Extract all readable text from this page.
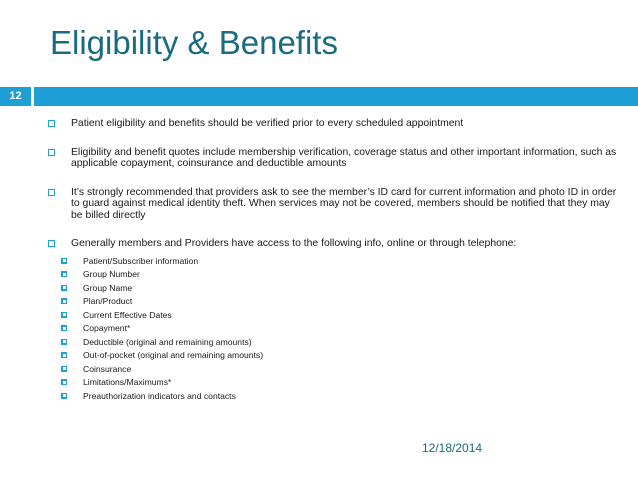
Eligibility & Benefits
12
Patient eligibility and benefits should be verified prior to every scheduled appointment
Eligibility and benefit quotes include membership verification, coverage status and other important information, such as applicable copayment, coinsurance and deductible amounts
It’s strongly recommended that providers ask to see the member’s ID card for current information and photo ID in order to guard against medical identity theft. When services may not be covered, members should be notified that they may be billed directly
Generally members and Providers have access to the following info, online or through telephone:
Patient/Subscriber information
Group Number
Group Name
Plan/Product
Current Effective Dates
Copayment*
Deductible (original and remaining amounts)
Out-of-pocket (original and remaining amounts)
Coinsurance
Limitations/Maximums*
Preauthorization indicators and contacts
12/18/2014
